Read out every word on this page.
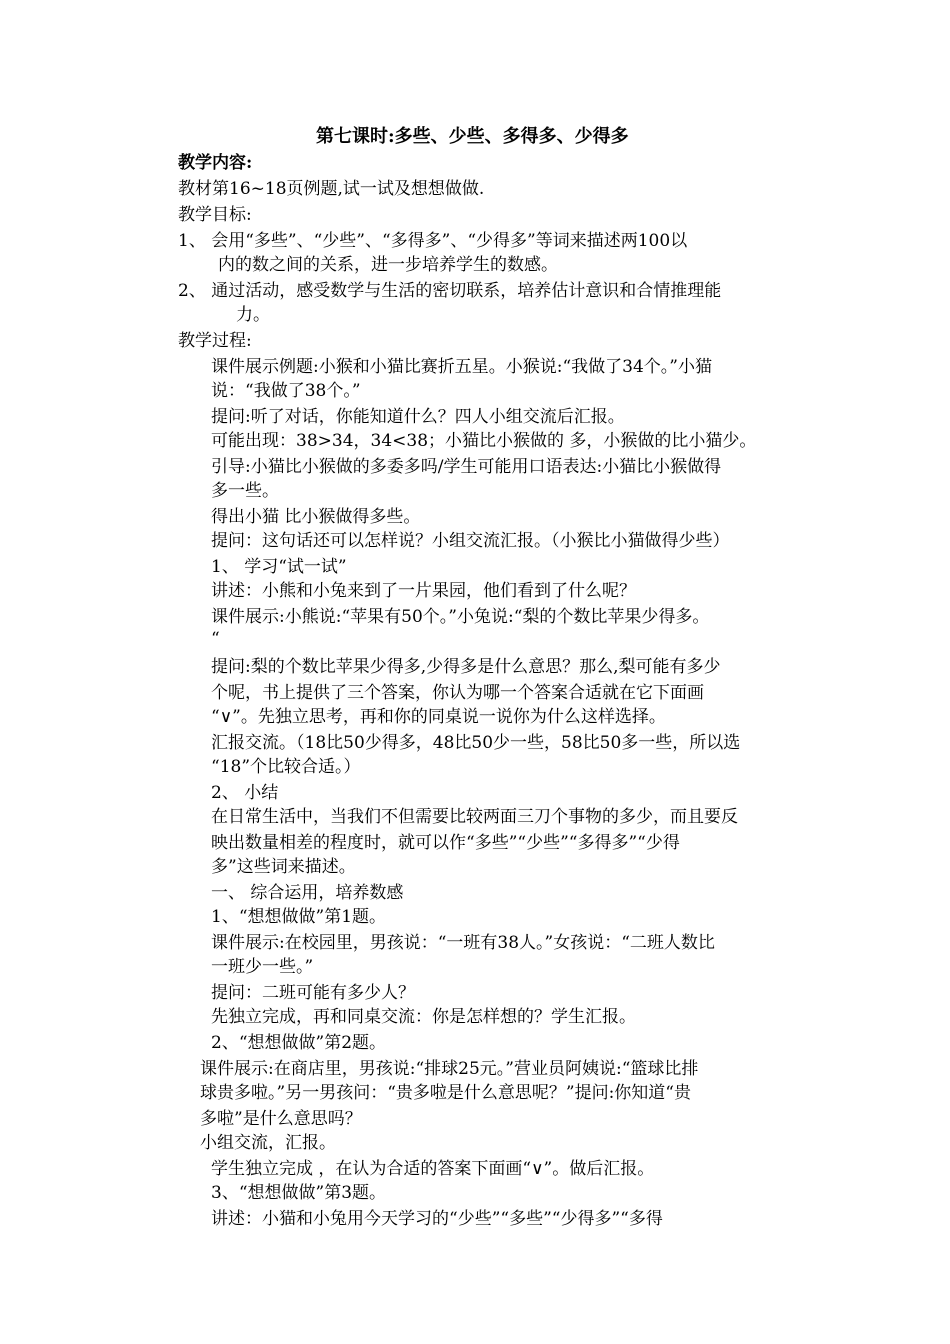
第七课时:多些、少些、多得多、少得多
教学内容:
教材第16~18页例题,试一试及想想做做.
教学目标:
1、 会用“多些”、“少些”、“多得多”、“少得多”等词来描述两100以
内的数之间的关系，进一步培养学生的数感。
2、 通过活动，感受数学与生活的密切联系，培养估计意识和合情推理能
力。
教学过程:
课件展示例题:小猴和小猫比赛折五星。小猴说:“我做了34个。”小猫
说：“我做了38个。”
提问:听了对话，你能知道什么？四人小组交流后汇报。
可能出现：38>34，34<38；小猫比小猴做的 多，小猴做的比小猫少。
引导:小猫比小猴做的多委多吗/学生可能用口语表达:小猫比小猴做得
多一些。
得出小猫 比小猴做得多些。
提问：这句话还可以怎样说？小组交流汇报。（小猴比小猫做得少些）
1、 学习“试一试”
讲述：小熊和小兔来到了一片果园，他们看到了什么呢？
课件展示:小熊说:“苹果有50个。”小兔说:“梨的个数比苹果少得多。
“
提问:梨的个数比苹果少得多,少得多是什么意思？那么,梨可能有多少
个呢，书上提供了三个答案，你认为哪一个答案合适就在它下面画
“∨”。先独立思考，再和你的同桌说一说你为什么这样选择。
汇报交流。（18比50少得多，48比50少一些，58比50多一些，所以选
“18”个比较合适。）
2、 小结
在日常生活中，当我们不但需要比较两面三刀个事物的多少，而且要反
映出数量相差的程度时，就可以作“多些”“少些”“多得多”“少得
多”这些词来描述。
一、 综合运用，培养数感
1、“想想做做”第1题。
课件展示:在校园里，男孩说：“一班有38人。”女孩说：“二班人数比
一班少一些。”
提问：二班可能有多少人？
先独立完成，再和同桌交流：你是怎样想的？学生汇报。
2、“想想做做”第2题。
课件展示:在商店里，男孩说:“排球25元。”营业员阿姨说:“篮球比排
球贵多啦。”另一男孩问：“贵多啦是什么意思呢？”提问:你知道“贵
多啦”是什么意思吗？
小组交流，汇报。
学生独立完成 ，在认为合适的答案下面画“∨”。做后汇报。
3、“想想做做”第3题。
讲述：小猫和小兔用今天学习的“少些”“多些”“少得多”“多得
